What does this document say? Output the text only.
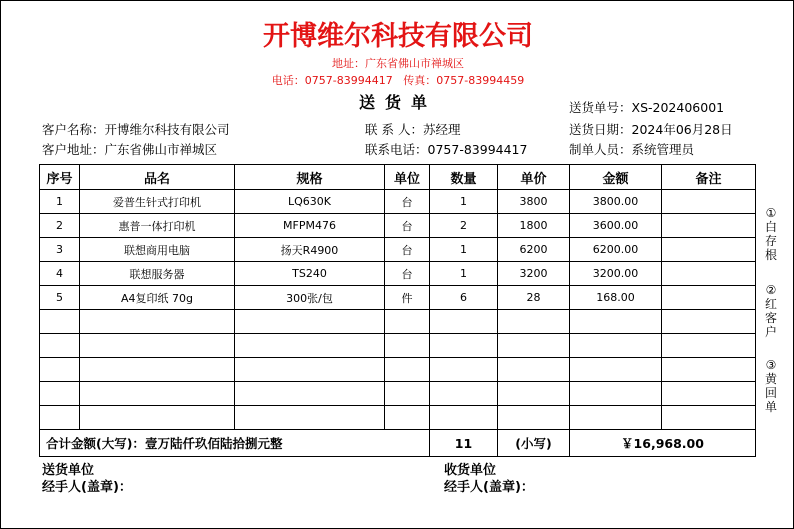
开博维尔科技有限公司
地址：广东省佛山市禅城区
电话：0757-83994417 传真：0757-83994459
送货单	送货单号：XS-202406001
客户名称：开博维尔科技有限公司	联 系 人：苏经理	送货日期：2024年06月28日
客户地址：广东省佛山市禅城区	联系电话：0757-83994417	制单人员：系统管理员
序号	品名	规格	单位	数量	单价	金额	备注
1	爱普生针式打印机	LQ630K	台	1	3800	3800.00	
2	惠普一体打印机	MFPM476	台	2	1800	3600.00	
3	联想商用电脑	扬天R4900	台	1	6200	6200.00	
4	联想服务器	TS240	台	1	3200	3200.00	
5	A4复印纸 70g	300张/包	件	6	28	168.00	

合计金额(大写)：壹万陆仟玖佰陆拾捌元整				11	(小写)	￥16,968.00	
①白存根
②红客户
③黄回单
送货单位
经手人(盖章)：
收货单位
经手人(盖章)：
